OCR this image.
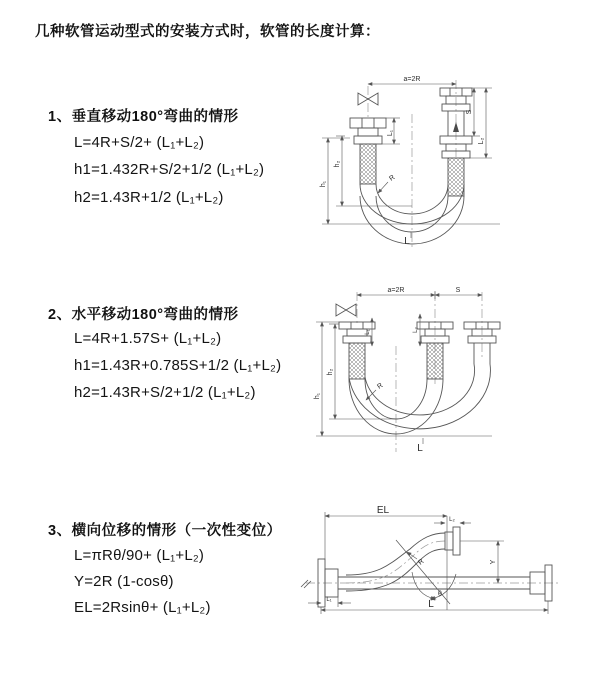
几种软管运动型式的安装方式时，软管的长度计算：
1、垂直移动180°弯曲的情形
L=4R+S/2+ (L₁+L₂)
h1=1.432R+S/2+1/2 (L₁+L₂)
h2=1.43R+1/2 (L₁+L₂)
2、水平移动180°弯曲的情形
L=4R+1.57S+ (L₁+L₂)
h1=1.43R+0.785S+1/2 (L₁+L₂)
h2=1.43R+S/2+1/2 (L₁+L₂)
3、横向位移的情形（一次性变位）
L=πRθ/90+ (L₁+L₂)
Y=2R (1-cosθ)
EL=2Rsinθ+ (L₁+L₂)
a=2R
L₁
S
L₂
h₂
h₁
R
L
a=2R	S
L₁	L₂
h₂
h₁
R
L
EL
L₂
Y
R
θ
L₁	L
